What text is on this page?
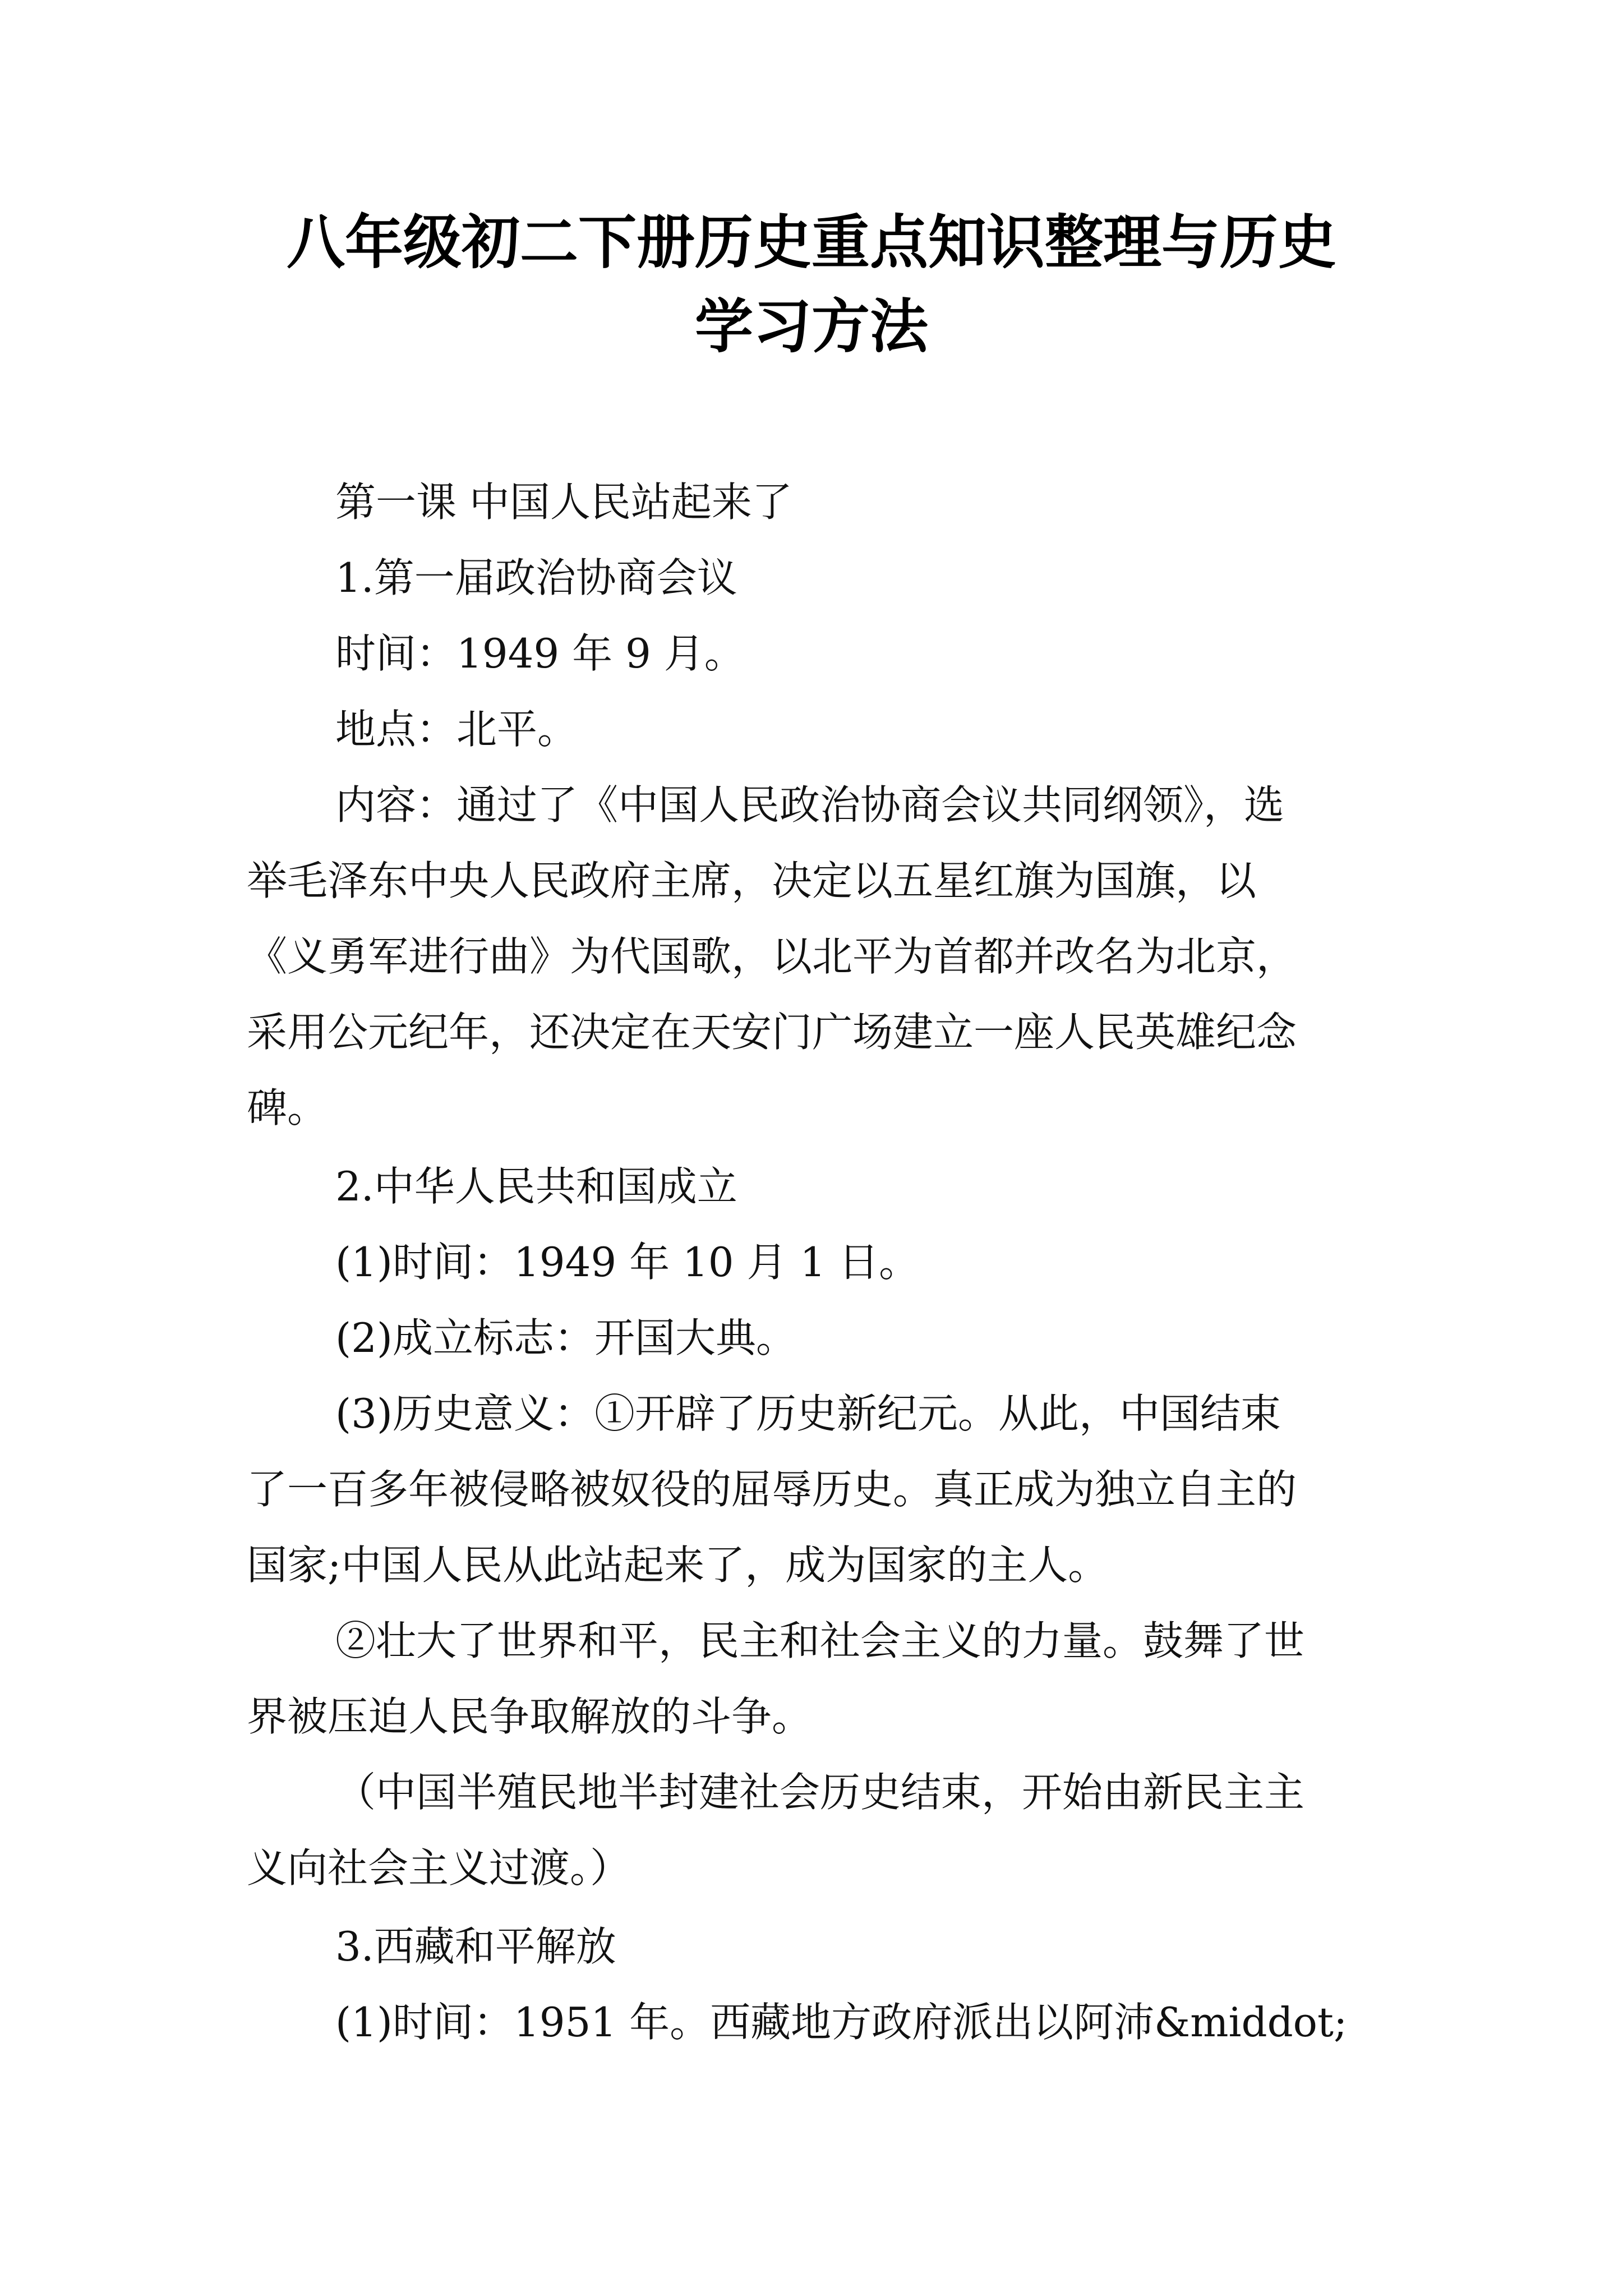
八年级初二下册历史重点知识整理与历史
学习方法

第一课 中国人民站起来了

1.第一届政治协商会议

时间：1949 年 9 月。

地点：北平。

内容：通过了《中国人民政治协商会议共同纲领》，选

举毛泽东中央人民政府主席，决定以五星红旗为国旗，以

《义勇军进行曲》为代国歌，以北平为首都并改名为北京，

采用公元纪年，还决定在天安门广场建立一座人民英雄纪念

碑。

2.中华人民共和国成立

(1)时间：1949 年 10 月 1 日。

(2)成立标志：开国大典。

(3)历史意义：①开辟了历史新纪元。从此，中国结束

了一百多年被侵略被奴役的屈辱历史。真正成为独立自主的

国家;中国人民从此站起来了，成为国家的主人。

②壮大了世界和平，民主和社会主义的力量。鼓舞了世

界被压迫人民争取解放的斗争。

（中国半殖民地半封建社会历史结束，开始由新民主主

义向社会主义过渡。）

3.西藏和平解放

(1)时间：1951 年。西藏地方政府派出以阿沛&middot;
